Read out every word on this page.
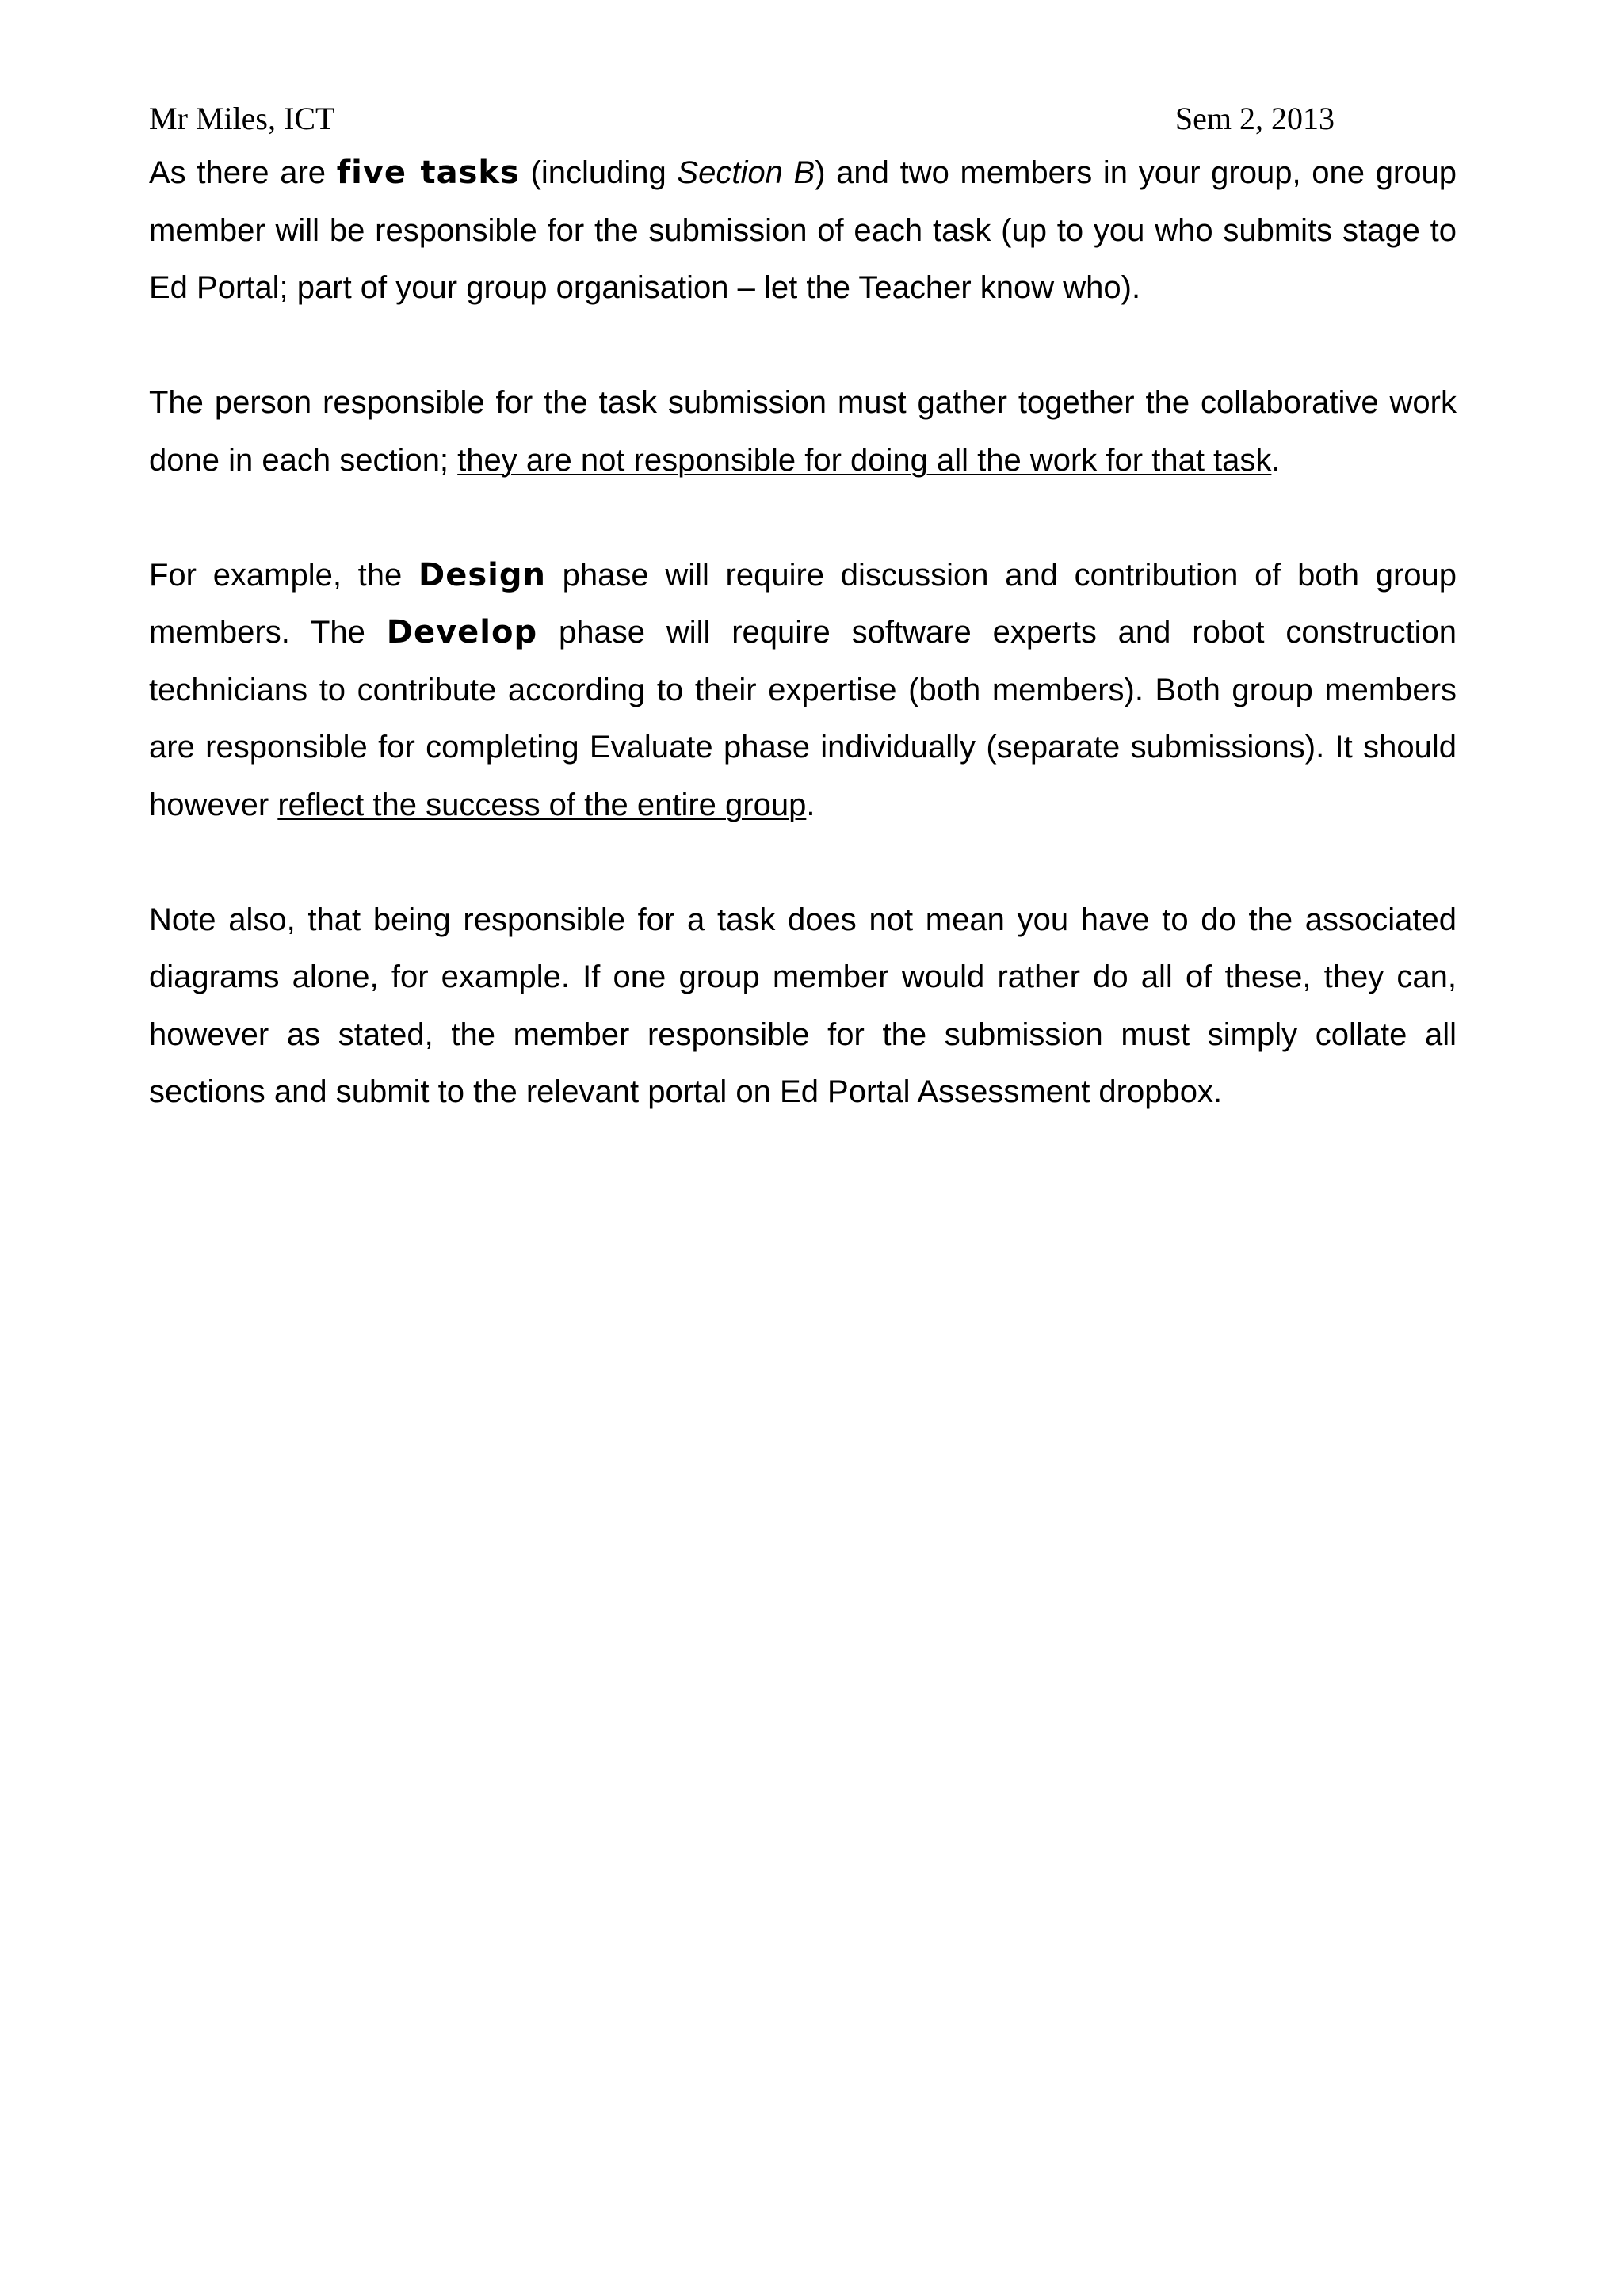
Mr Miles, ICT	Sem 2, 2013

As there are five tasks (including Section B) and two members in your group, one group member will be responsible for the submission of each task (up to you who submits stage to Ed Portal; part of your group organisation – let the Teacher know who).

The person responsible for the task submission must gather together the collaborative work done in each section; they are not responsible for doing all the work for that task.

For example, the Design phase will require discussion and contribution of both group members. The Develop phase will require software experts and robot construction technicians to contribute according to their expertise (both members). Both group members are responsible for completing Evaluate phase individually (separate submissions). It should however reflect the success of the entire group.

Note also, that being responsible for a task does not mean you have to do the associated diagrams alone, for example. If one group member would rather do all of these, they can, however as stated, the member responsible for the submission must simply collate all sections and submit to the relevant portal on Ed Portal Assessment dropbox.
